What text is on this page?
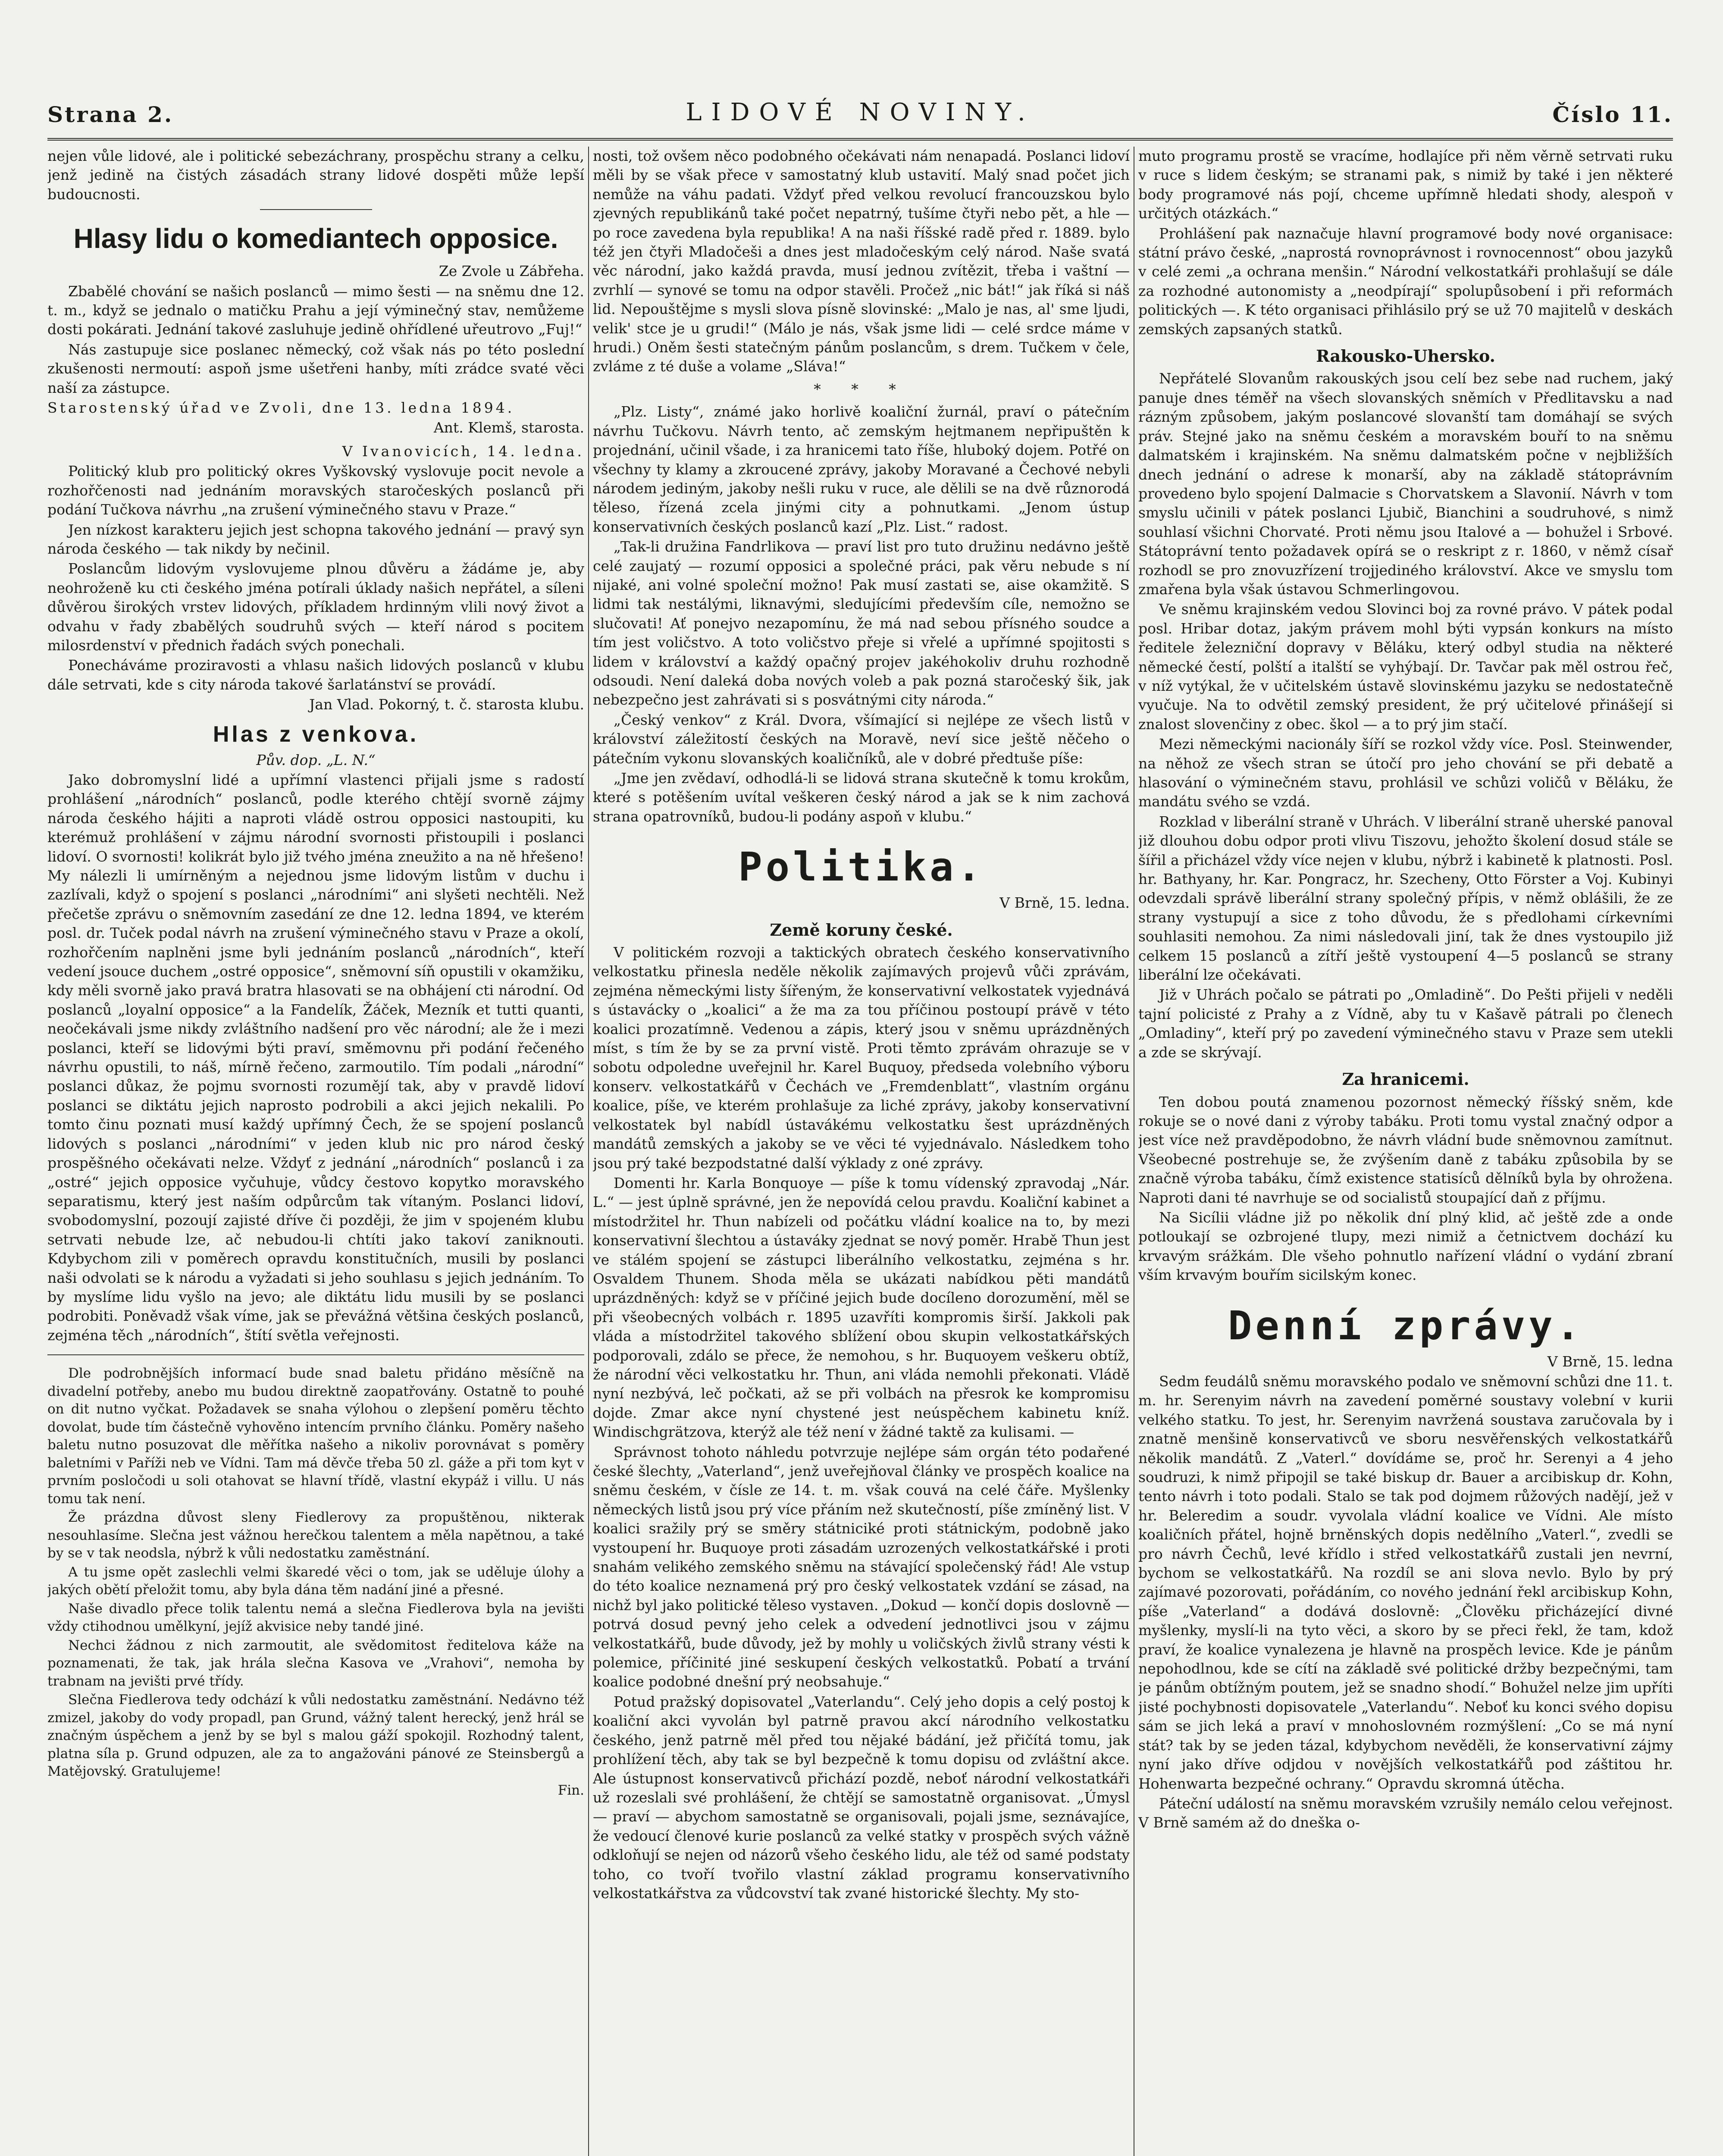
Strana 2.	LIDOVÉ NOVINY.	Číslo 11.

nejen vůle lidové, ale i politické sebezáchrany, prospěchu strany a celku, jenž jedině na čistých zásadách strany lidové dospěti může lepší budoucnosti.

Hlasy lidu o komediantech opposice.

Ze Zvole u Zábřeha.

Zbabělé chování se našich poslanců — mimo šesti — na sněmu dne 12. t. m., když se jednalo o matičku Prahu a její výminečný stav, nemůžeme dosti pokárati. Jednání takové zasluhuje jedině ohřídlené uřeutrovo „Fuj!“

Nás zastupuje sice poslanec německý, což však nás po této poslední zkušenosti nermoutí: aspoň jsme ušetřeni hanby, míti zrádce svaté věci naší za zástupce.

Starostenský úřad ve Zvoli, dne 13. ledna 1894.

Ant. Klemš, starosta.

V Ivanovicích, 14. ledna.

Politický klub pro politický okres Vyškovský vyslovuje pocit nevole a rozhořčenosti nad jednáním moravských staročeských poslanců při podání Tučkova návrhu „na zrušení výminečného stavu v Praze.“

Jen nízkost karakteru jejich jest schopna takového jednání — pravý syn národa českého — tak nikdy by nečinil.

Poslancům lidovým vyslovujeme plnou důvěru a žádáme je, aby neohroženě ku cti českého jména potírali úklady našich nepřátel, a síleni důvěrou širokých vrstev lidových, příkladem hrdinným vlili nový život a odvahu v řady zbabělých soudruhů svých — kteří národ s pocitem milosrdenství v přednich řadách svých ponechali.

Ponecháváme proziravosti a vhlasu našich lidových poslanců v klubu dále setrvati, kde s city národa takové šarlatánství se provádí.

Jan Vlad. Pokorný, t. č. starosta klubu.

Hlas z venkova.

Pův. dop. „L. N.“

Jako dobromyslní lidé a upřímní vlastenci přijali jsme s radostí prohlášení „národních“ poslanců, podle kterého chtějí svorně zájmy národa českého hájiti a naproti vládě ostrou opposici nastoupiti, ku kterémuž prohlášení v zájmu národní svornosti přistoupili i poslanci lidoví. O svornosti! kolikrát bylo již tvého jména zneužito a na ně hřešeno! My nálezli li umírněným a nejednou jsme lidovým listům v duchu i zazlívali, když o spojení s poslanci „národními“ ani slyšeti nechtěli. Než přečetše zprávu o sněmovním zasedání ze dne 12. ledna 1894, ve kterém posl. dr. Tuček podal návrh na zrušení výminečného stavu v Praze a okolí, rozhořčením naplněni jsme byli jednáním poslanců „národních“, kteří vedení jsouce duchem „ostré opposice“, sněmovní síň opustili v okamžiku, kdy měli svorně jako pravá bratra hlasovati se na obhájení cti národní. Od poslanců „loyalní opposice“ a la Fandelík, Žáček, Mezník et tutti quanti, neočekávali jsme nikdy zvláštního nadšení pro věc národní; ale že i mezi poslanci, kteří se lidovými býti praví, směmovnu při podání řečeného návrhu opustili, to náš, mírně řečeno, zarmoutilo. Tím podali „národní“ poslanci důkaz, že pojmu svornosti rozumějí tak, aby v pravdě lidoví poslanci se diktátu jejich naprosto podrobili a akci jejich nekalili. Po tomto činu poznati musí každý upřímný Čech, že se spojení poslanců lidových s poslanci „národními“ v jeden klub nic pro národ český prospěšného očekávati nelze. Vždyť z jednání „národních“ poslanců i za „ostré“ jejich opposice vyčuhuje, vůdcy čestovo kopytko moravského separatismu, který jest naším odpůrcům tak vítaným. Poslanci lidoví, svobodomyslní, pozoují zajisté dříve či později, že jim v spojeném klubu setrvati nebude lze, ač nebudou-li chtíti jako takoví zaniknouti. Kdybychom zili v poměrech opravdu konstitučních, musili by poslanci naši odvolati se k národu a vyžadati si jeho souhlasu s jejich jednáním. To by myslíme lidu vyšlo na jevo; ale diktátu lidu musili by se poslanci podrobiti. Poněvadž však víme, jak se převážná většina českých poslanců, zejména těch „národních“, štítí světla veřejnosti.

Dle podrobnějších informací bude snad baletu přidáno měsíčně na divadelní potřeby, anebo mu budou direktně zaopatřovány. Ostatně to pouhé on dit nutno vyčkat. Požadavek se snaha výlohou o zlepšení poměru těchto dovolat, bude tím částečně vyhověno intencím prvního článku. Poměry našeho baletu nutno posuzovat dle měřítka našeho a nikoliv porovnávat s poměry baletními v Paříži neb ve Vídni. Tam má děvče třeba 50 zl. gáže a při tom kyt v prvním posločodi u soli otahovat se hlavní třídě, vlastní ekypáž i villu. U nás tomu tak není.

Že prázdna důvost sleny Fiedlerovy za propuštěnou, nikterak nesouhlasíme. Slečna jest vážnou herečkou talentem a měla napětnou, a také by se v tak neodsla, nýbrž k vůli nedostatku zaměstnání.

A tu jsme opět zaslechli velmi škaredé věci o tom, jak se uděluje úlohy a jakých obětí přeložit tomu, aby byla dána těm nadání jiné a přesné.

Naše divadlo přece tolik talentu nemá a slečna Fiedlerova byla na jevišti vždy ctihodnou umělkyní, jejíž akvisice neby tandé jiné.

Nechci žádnou z nich zarmoutit, ale svědomitost ředitelova káže na poznamenati, že tak, jak hrála slečna Kasova ve „Vrahovi“, nemoha by trabnam na jevišti prvé třídy.

Slečna Fiedlerova tedy odchází k vůli nedostatku zaměstnání. Nedávno též zmizel, jakoby do vody propadl, pan Grund, vážný talent herecký, jenž hrál se značným úspěchem a jenž by se byl s malou gáží spokojil. Rozhodný talent, platna síla p. Grund odpuzen, ale za to angažováni pánové ze Steinsbergů a Matějovský. Gratulujeme!

Fin.

nosti, tož ovšem něco podobného očekávati nám nenapadá. Poslanci lidoví měli by se však přece v samostatný klub ustavití. Malý snad počet jich nemůže na váhu padati. Vždyť před velkou revolucí francouzskou bylo zjevných republikánů také počet nepatrný, tušíme čtyři nebo pět, a hle — po roce zavedena byla republika! A na naši říšské radě před r. 1889. bylo též jen čtyři Mladočeši a dnes jest mladočeským celý národ. Naše svatá věc národní, jako každá pravda, musí jednou zvítězit, třeba i vaštní — zvrhlí — synové se tomu na odpor stavěli. Pročež „nic bát!“ jak říká si náš lid. Nepouštějme s mysli slova písně slovinské: „Malo je nas, al' sme ljudi, velik' stce je u grudi!“ (Málo je nás, však jsme lidi — celé srdce máme v hrudi.) Oněm šesti statečným pánům poslancům, s drem. Tučkem v čele, zvláme z té duše a volame „Sláva!“

* * *

„Plz. Listy“, známé jako horlivě koaliční žurnál, praví o pátečním návrhu Tučkovu. Návrh tento, ač zemským hejtmanem nepřipuštěn k projednání, učinil všade, i za hranicemi tato říše, hluboký dojem. Potřé on všechny ty klamy a zkroucené zprávy, jakoby Moravané a Čechové nebyli národem jediným, jakoby nešli ruku v ruce, ale dělili se na dvě různorodá těleso, řízená zcela jinými city a pohnutkami. „Jenom ústup konservativních českých poslanců kazí „Plz. List.“ radost.

„Tak-li družina Fandrlikova — praví list pro tuto družinu nedávno ještě celé zaujatý — rozumí opposici a společné práci, pak věru nebude s ní nijaké, ani volné společní možno! Pak musí zastati se, aise okamžitě. S lidmi tak nestálými, liknavými, sledujícími především cíle, nemožno se slučovati! Ať ponejvo nezapomínu, že má nad sebou přísného soudce a tím jest voličstvo. A toto voličstvo přeje si vřelé a upřímné spojitosti s lidem v království a každý opačný projev jakéhokoliv druhu rozhodně odsoudi. Není daleká doba nových voleb a pak pozná staročeský šik, jak nebezpečno jest zahrávati si s posvátnými city národa.“

„Český venkov“ z Král. Dvora, všímající si nejlépe ze všech listů v království záležitostí českých na Moravě, neví sice ještě něčeho o pátečním vykonu slovanských koaličníků, ale v dobré předtuše píše:

„Jme jen zvědaví, odhodlá-li se lidová strana skutečně k tomu krokům, které s potěšením uvítal veškeren český národ a jak se k nim zachová strana opatrovníků, budou-li podány aspoň v klubu.“

Politika.

V Brně, 15. ledna.

Země koruny české.

V politickém rozvoji a taktických obratech českého konservativního velkostatku přinesla neděle několik zajímavých projevů vůči zprávám, zejména německými listy šířeným, že konservativní velkostatek vyjednává s ústavácky o „koalici“ a že ma za tou příčinou postoupí právě v této koalici prozatímně. Vedenou a zápis, který jsou v sněmu uprázdněných míst, s tím že by se za první vistě. Proti těmto zprávám ohrazuje se v sobotu odpoledne uveřejnil hr. Karel Buquoy, předseda volebního výboru konserv. velkostatkářů v Čechách ve „Fremdenblatt“, vlastním orgánu koalice, píše, ve kterém prohlašuje za liché zprávy, jakoby konservativní velkostatek byl nabídl ústavákému velkostatku šest uprázdněných mandátů zemských a jakoby se ve věci té vyjednávalo. Následkem toho jsou prý také bezpodstatné další výklady z oné zprávy.

Domenti hr. Karla Bonquoye — píše k tomu vídenský zpravodaj „Nár. L.“ — jest úplně správné, jen že nepovídá celou pravdu. Koaliční kabinet a místodržitel hr. Thun nabízeli od počátku vládní koalice na to, by mezi konservativní šlechtou a ústaváky zjednat se nový poměr. Hrabě Thun jest ve stálém spojení se zástupci liberálního velkostatku, zejména s hr. Osvaldem Thunem. Shoda měla se ukázati nabídkou pěti mandátů uprázdněných: když se v příčiné jejich bude docíleno dorozumění, měl se při všeobecných volbách r. 1895 uzavříti kompromis širší. Jakkoli pak vláda a místodržitel takového sblížení obou skupin velkostatkářských podporovali, zdálo se přece, že nemohou, s hr. Buquoyem veškeru obtíž, že národní věci velkostatku hr. Thun, ani vláda nemohli překonati. Vládě nyní nezbývá, leč počkati, až se při volbách na přesrok ke kompromisu dojde. Zmar akce nyní chystené jest neúspěchem kabinetu kníž. Windischgrätzova, kterýž ale též není v žádné taktě za kulisami. —

Správnost tohoto náhledu potvrzuje nejlépe sám orgán této podařené české šlechty, „Vaterland“, jenž uveřejňoval články ve prospěch koalice na sněmu českém, v čísle ze 14. t. m. však couvá na celé čáře. Myšlenky německých listů jsou prý více přáním než skutečností, píše zmíněný list. V koalici sražily prý se směry státniciké proti státnickým, podobně jako vystoupení hr. Buquoye proti zásadám uzrozených velkostatkářské i proti snahám velikého zemského sněmu na stávající společenský řád! Ale vstup do této koalice neznamená prý pro český velkostatek vzdání se zásad, na nichž byl jako politické těleso vystaven. „Dokud — končí dopis doslovně — potrvá dosud pevný jeho celek a odvedení jednotlivci jsou v zájmu velkostatkářů, bude důvody, jež by mohly u voličských živlů strany vésti k polemice, příčinité jiné seskupení českých velkostatků. Pobatí a trvání koalice podobné dnešní prý neobsahuje.“

Potud pražský dopisovatel „Vaterlandu“. Celý jeho dopis a celý postoj k koaliční akci vyvolán byl patrně pravou akcí národního velkostatku českého, jenž patrně měl před tou nějaké bádání, jež přičítá tomu, jak prohlížení těch, aby tak se byl bezpečně k tomu dopisu od zvláštní akce. Ale ústupnost konservativců přichází pozdě, neboť národní velkostatkáři už rozeslali své prohlášení, že chtějí se samostatně organisovat. „Úmysl — praví — abychom samostatně se organisovali, pojali jsme, seznávajíce, že vedoucí členové kurie poslanců za velké statky v prospěch svých vážně odkloňují se nejen od názorů všeho českého lidu, ale též od samé podstaty toho, co tvoří tvořilo vlastní základ programu konservativního velkostatkářstva za vůdcovství tak zvané historické šlechty. My sto-

muto programu prostě se vracíme, hodlajíce při něm věrně setrvati ruku v ruce s lidem českým; se stranami pak, s nimiž by také i jen některé body programové nás pojí, chceme upřímně hledati shody, alespoň v určitých otázkách.“

Prohlášení pak naznačuje hlavní programové body nové organisace: státní právo české, „naprostá rovnoprávnost i rovnocennost“ obou jazyků v celé zemi „a ochrana menšin.“ Národní velkostatkáři prohlašují se dále za rozhodné autonomisty a „neodpírají“ spolupůsobení i při reformách politických —. K této organisaci přihlásilo prý se už 70 majitelů v deskách zemských zapsaných statků.

Rakousko-Uhersko.

Nepřátelé Slovanům rakouských jsou celí bez sebe nad ruchem, jaký panuje dnes téměř na všech slovanských sněmích v Předlitavsku a nad rázným způsobem, jakým poslancové slovanští tam domáhají se svých práv. Stejné jako na sněmu českém a moravském bouří to na sněmu dalmatském i krajinském. Na sněmu dalmatském počne v nejbližších dnech jednání o adrese k monarší, aby na základě státoprávním provedeno bylo spojení Dalmacie s Chorvatskem a Slavonií. Návrh v tom smyslu učinili v pátek poslanci Ljubič, Bianchini a soudruhové, s nimž souhlasí všichni Chorvaté. Proti němu jsou Italové a — bohužel i Srbové. Státoprávní tento požadavek opírá se o reskript z r. 1860, v němž císař rozhodl se pro znovuzřízení trojjediného království. Akce ve smyslu tom zmařena byla však ústavou Schmerlingovou.

Ve sněmu krajinském vedou Slovinci boj za rovné právo. V pátek podal posl. Hribar dotaz, jakým právem mohl býti vypsán konkurs na místo ředitele železniční dopravy v Běláku, který odbyl studia na některé německé čestí, polští a italští se vyhýbají. Dr. Tavčar pak měl ostrou řeč, v níž vytýkal, že v učitelském ústavě slovinskému jazyku se nedostatečně vyučuje. Na to odvětil zemský president, že prý učitelové přinášejí si znalost slovenčiny z obec. škol — a to prý jim stačí.

Mezi německými nacionály šíří se rozkol vždy více. Posl. Steinwender, na něhož ze všech stran se útočí pro jeho chování se při debatě a hlasování o výminečném stavu, prohlásil ve schůzi voličů v Běláku, že mandátu svého se vzdá.

Rozklad v liberální straně v Uhrách. V liberální straně uherské panoval již dlouhou dobu odpor proti vlivu Tiszovu, jehožto školení dosud stále se šířil a přicházel vždy více nejen v klubu, nýbrž i kabinetě k platnosti. Posl. hr. Bathyany, hr. Kar. Pongracz, hr. Szecheny, Otto Förster a Voj. Kubinyi odevzdali správě liberální strany společný přípis, v němž oblášili, že ze strany vystupují a sice z toho důvodu, že s předlohami církevními souhlasiti nemohou. Za nimi následovali jiní, tak že dnes vystoupilo již celkem 15 poslanců a zítří ještě vystoupení 4—5 poslanců se strany liberální lze očekávati.

Již v Uhrách počalo se pátrati po „Omladině“. Do Pešti přijeli v neděli tajní policisté z Prahy a z Vídně, aby tu v Kašavě pátrali po členech „Omladiny“, kteří prý po zavedení výminečného stavu v Praze sem utekli a zde se skrývají.

Za hranicemi.

Ten dobou poutá znamenou pozornost německý říšský sněm, kde rokuje se o nové dani z výroby tabáku. Proti tomu vystal značný odpor a jest více než pravděpodobno, že návrh vládní bude sněmovnou zamítnut. Všeobecné postrehuje se, že zvýšením daně z tabáku způsobila by se značně výroba tabáku, čímž existence statisíců dělníků byla by ohrožena. Naproti dani té navrhuje se od socialistů stoupající daň z příjmu.

Na Sicílii vládne již po několik dní plný klid, ač ještě zde a onde potloukají se ozbrojené tlupy, mezi nimiž a četnictvem dochází ku krvavým srážkám. Dle všeho pohnutlo nařízení vládní o vydání zbraní vším krvavým bouřím sicilským konec.

Denní zprávy.

V Brně, 15. ledna

Sedm feudálů sněmu moravského podalo ve sněmovní schůzi dne 11. t. m. hr. Serenyim návrh na zavedení poměrné soustavy volební v kurii velkého statku. To jest, hr. Serenyim navržená soustava zaručovala by i znatně menšině konservativců ve sboru nesvěřenských velkostatkářů několik mandátů. Z „Vaterl.“ dovídáme se, proč hr. Serenyi a 4 jeho soudruzi, k nimž připojil se také biskup dr. Bauer a arcibiskup dr. Kohn, tento návrh i toto podali. Stalo se tak pod dojmem růžových nadějí, jež v hr. Beleredim a soudr. vyvolala vládní koalice ve Vídni. Ale místo koaličních přátel, hojně brněnských dopis nedělního „Vaterl.“, zvedli se pro návrh Čechů, levé křídlo i střed velkostatkářů zustali jen nevrní, bychom se velkostatkářů. Na rozdíl se ani slova nevlo. Bylo by prý zajímavé pozorovati, pořádáním, co nového jednání řekl arcibiskup Kohn, píše „Vaterland“ a dodává doslovně: „Člověku přicházející divné myšlenky, myslí-li na tyto věci, a skoro by se přeci řekl, že tam, kdož praví, že koalice vynalezena je hlavně na prospěch levice. Kde je pánům nepohodlnou, kde se cítí na základě své politické držby bezpečnými, tam je pánům obtížným poutem, jež se snadno shodí.“ Bohužel nelze jim upříti jisté pochybnosti dopisovatele „Vaterlandu“. Neboť ku konci svého dopisu sám se jich leká a praví v mnohoslovném rozmýšlení: „Co se má nyní stát? tak by se jeden tázal, kdybychom nevěděli, že konservativní zájmy nyní jako dříve odjdou v novějších velkostatkářů pod záštitou hr. Hohenwarta bezpečné ochrany.“ Opravdu skromná útěcha.

Páteční událostí na sněmu moravském vzrušily nemálo celou veřejnost. V Brně samém až do dneška o-
